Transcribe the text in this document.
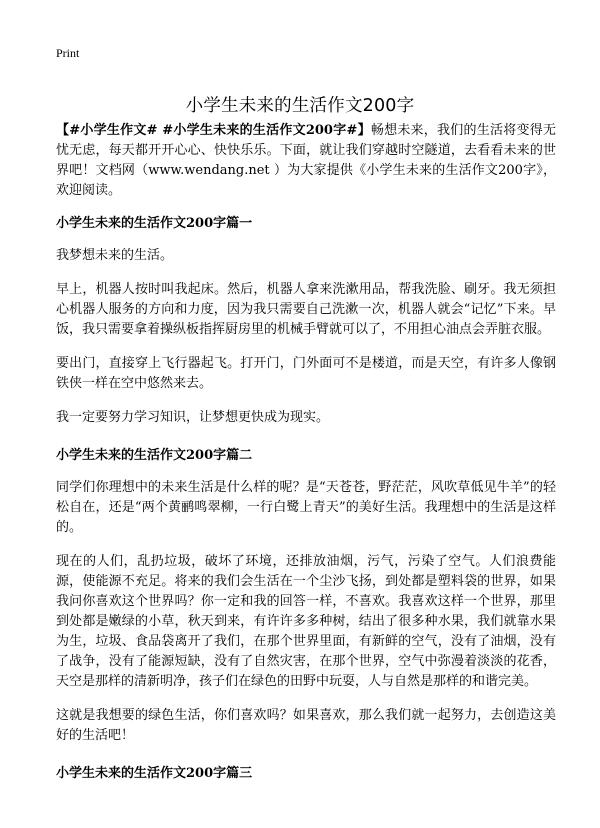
Print
小学生未来的生活作文200字

【#小学生作文# #小学生未来的生活作文200字#】畅想未来，我们的生活将变得无忧无虑，每天都开开心心、快快乐乐。下面，就让我们穿越时空隧道，去看看未来的世界吧！文档网（www.wendang.net ）为大家提供《小学生未来的生活作文200字》，欢迎阅读。

小学生未来的生活作文200字篇一

我梦想未来的生活。

早上，机器人按时叫我起床。然后，机器人拿来洗漱用品，帮我洗脸、刷牙。我无须担心机器人服务的方向和力度，因为我只需要自己洗漱一次，机器人就会“记忆”下来。早饭，我只需要拿着操纵板指挥厨房里的机械手臂就可以了，不用担心油点会弄脏衣服。

要出门，直接穿上飞行器起飞。打开门，门外面可不是楼道，而是天空，有许多人像钢铁侠一样在空中悠然来去。

我一定要努力学习知识，让梦想更快成为现实。

小学生未来的生活作文200字篇二

同学们你理想中的未来生活是什么样的呢？是“天苍苍，野茫茫，风吹草低见牛羊”的轻松自在，还是“两个黄鹂鸣翠柳，一行白鹭上青天”的美好生活。我理想中的生活是这样的。

现在的人们，乱扔垃圾，破坏了环境，还排放油烟，污气，污染了空气。人们浪费能源，使能源不充足。将来的我们会生活在一个尘沙飞扬，到处都是塑料袋的世界，如果我问你喜欢这个世界吗？你一定和我的回答一样，不喜欢。我喜欢这样一个世界，那里到处都是嫩绿的小草，秋天到来，有许许多多种树，结出了很多种水果，我们就靠水果为生，垃圾、食品袋离开了我们，在那个世界里面，有新鲜的空气，没有了油烟，没有了战争，没有了能源短缺，没有了自然灾害，在那个世界，空气中弥漫着淡淡的花香，天空是那样的清新明净，孩子们在绿色的田野中玩耍，人与自然是那样的和谐完美。

这就是我想要的绿色生活，你们喜欢吗？如果喜欢，那么我们就一起努力，去创造这美好的生活吧！

小学生未来的生活作文200字篇三
